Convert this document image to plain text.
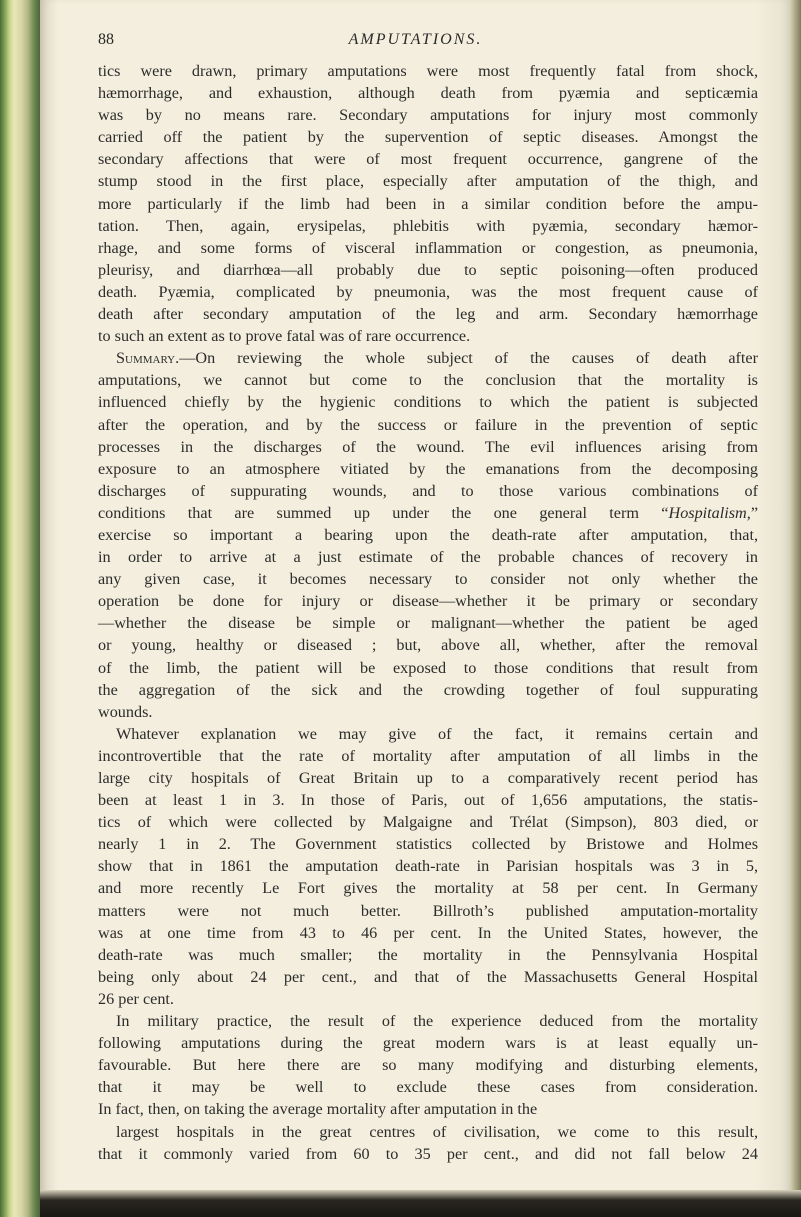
88	AMPUTATIONS.
tics were drawn, primary amputations were most frequently fatal from shock,
hæmorrhage, and exhaustion, although death from pyæmia and septicæmia
was by no means rare. Secondary amputations for injury most commonly
carried off the patient by the supervention of septic diseases. Amongst the
secondary affections that were of most frequent occurrence, gangrene of the
stump stood in the first place, especially after amputation of the thigh, and
more particularly if the limb had been in a similar condition before the ampu-
tation. Then, again, erysipelas, phlebitis with pyæmia, secondary hæmor-
rhage, and some forms of visceral inflammation or congestion, as pneumonia,
pleurisy, and diarrhœa—all probably due to septic poisoning—often produced
death. Pyæmia, complicated by pneumonia, was the most frequent cause of
death after secondary amputation of the leg and arm. Secondary hæmorrhage
to such an extent as to prove fatal was of rare occurrence.
Summary.—On reviewing the whole subject of the causes of death after
amputations, we cannot but come to the conclusion that the mortality is
influenced chiefly by the hygienic conditions to which the patient is subjected
after the operation, and by the success or failure in the prevention of septic
processes in the discharges of the wound. The evil influences arising from
exposure to an atmosphere vitiated by the emanations from the decomposing
discharges of suppurating wounds, and to those various combinations of
conditions that are summed up under the one general term “Hospitalism,”
exercise so important a bearing upon the death-rate after amputation, that,
in order to arrive at a just estimate of the probable chances of recovery in
any given case, it becomes necessary to consider not only whether the
operation be done for injury or disease—whether it be primary or secondary
—whether the disease be simple or malignant—whether the patient be aged
or young, healthy or diseased ; but, above all, whether, after the removal
of the limb, the patient will be exposed to those conditions that result from
the aggregation of the sick and the crowding together of foul suppurating
wounds.
Whatever explanation we may give of the fact, it remains certain and
incontrovertible that the rate of mortality after amputation of all limbs in the
large city hospitals of Great Britain up to a comparatively recent period has
been at least 1 in 3. In those of Paris, out of 1,656 amputations, the statis-
tics of which were collected by Malgaigne and Trélat (Simpson), 803 died, or
nearly 1 in 2. The Government statistics collected by Bristowe and Holmes
show that in 1861 the amputation death-rate in Parisian hospitals was 3 in 5,
and more recently Le Fort gives the mortality at 58 per cent. In Germany
matters were not much better. Billroth’s published amputation-mortality
was at one time from 43 to 46 per cent. In the United States, however, the
death-rate was much smaller; the mortality in the Pennsylvania Hospital
being only about 24 per cent., and that of the Massachusetts General Hospital
26 per cent.
In military practice, the result of the experience deduced from the mortality
following amputations during the great modern wars is at least equally un-
favourable. But here there are so many modifying and disturbing elements,
that it may be well to exclude these cases from consideration.
In fact, then, on taking the average mortality after amputation in the
largest hospitals in the great centres of civilisation, we come to this result,
that it commonly varied from 60 to 35 per cent., and did not fall below 24
